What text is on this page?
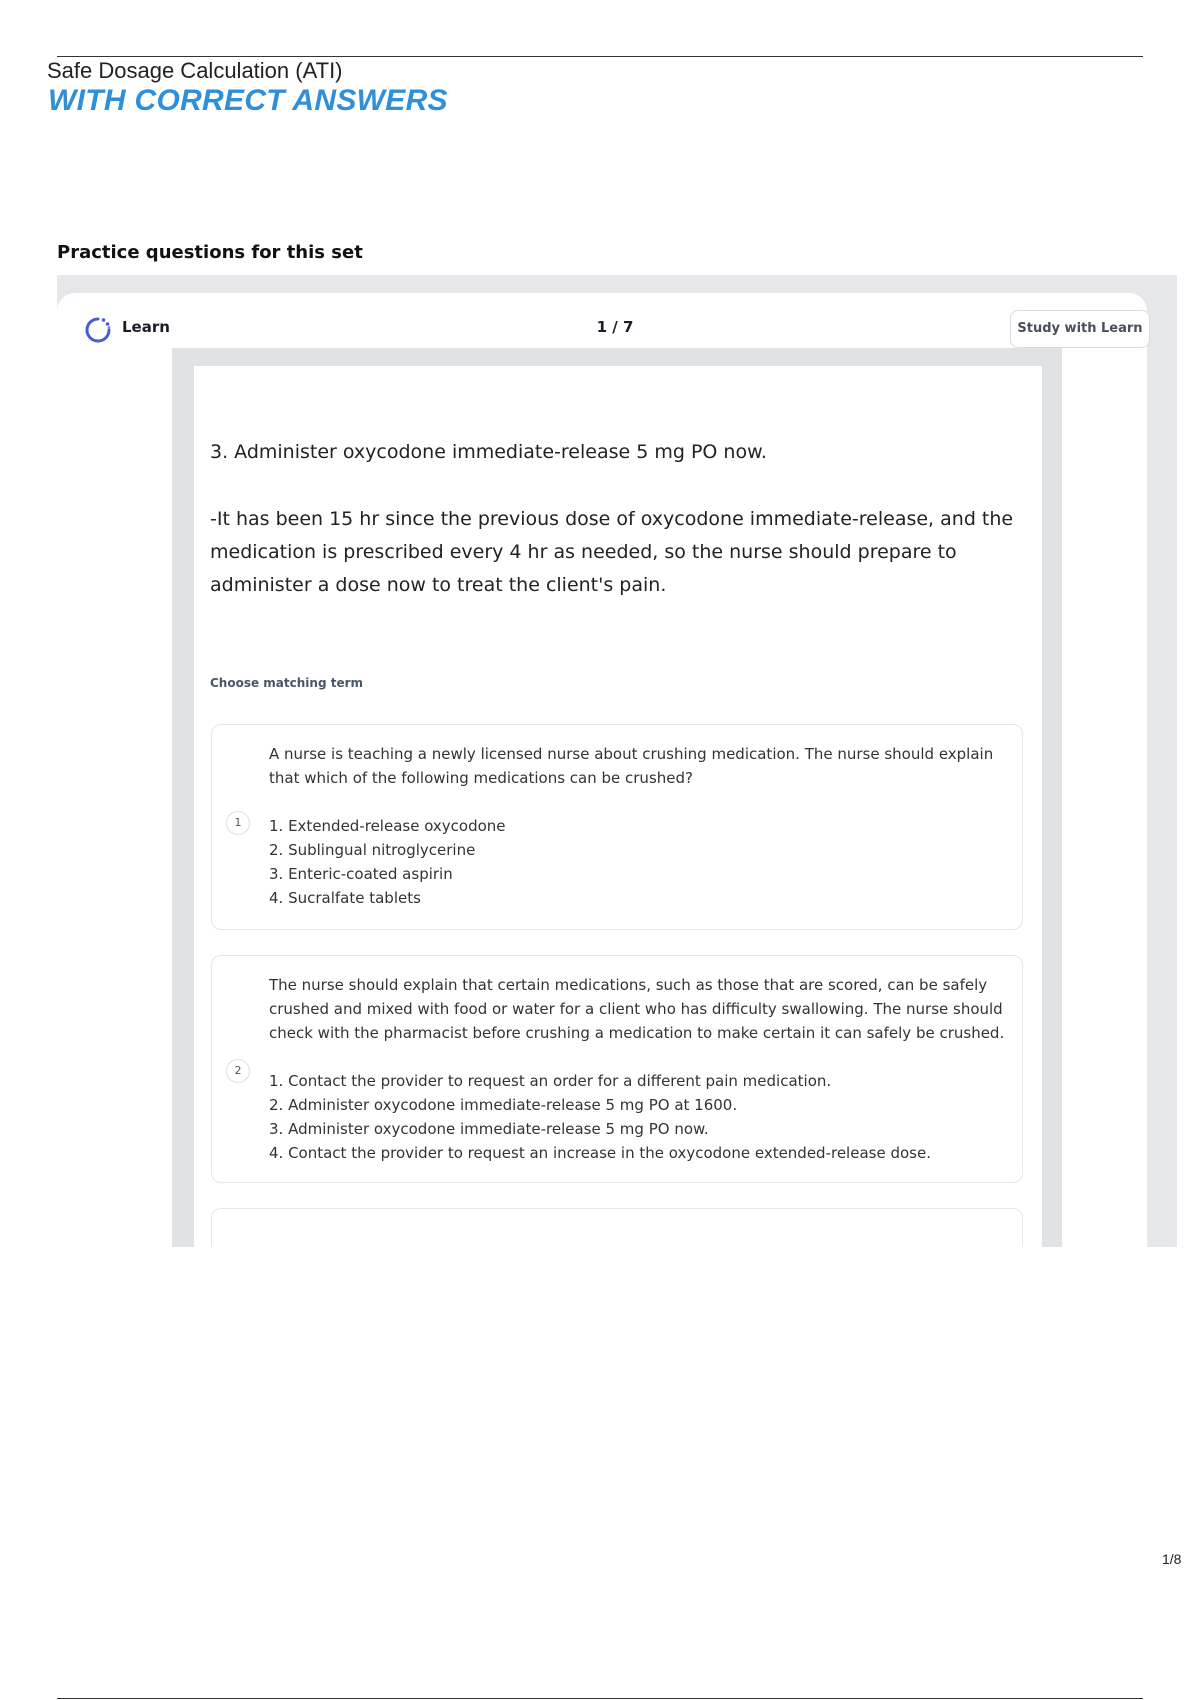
Safe Dosage Calculation (ATI)
WITH CORRECT ANSWERS
Practice questions for this set
Learn	1 / 7	Study with Learn
3. Administer oxycodone immediate-release 5 mg PO now.
-It has been 15 hr since the previous dose of oxycodone immediate-release, and the medication is prescribed every 4 hr as needed, so the nurse should prepare to administer a dose now to treat the client's pain.
Choose matching term
1
A nurse is teaching a newly licensed nurse about crushing medication. The nurse should explain that which of the following medications can be crushed?
1. Extended-release oxycodone
2. Sublingual nitroglycerine
3. Enteric-coated aspirin
4. Sucralfate tablets
2
The nurse should explain that certain medications, such as those that are scored, can be safely crushed and mixed with food or water for a client who has difficulty swallowing. The nurse should check with the pharmacist before crushing a medication to make certain it can safely be crushed.
1. Contact the provider to request an order for a different pain medication.
2. Administer oxycodone immediate-release 5 mg PO at 1600.
3. Administer oxycodone immediate-release 5 mg PO now.
4. Contact the provider to request an increase in the oxycodone extended-release dose.
1/8
